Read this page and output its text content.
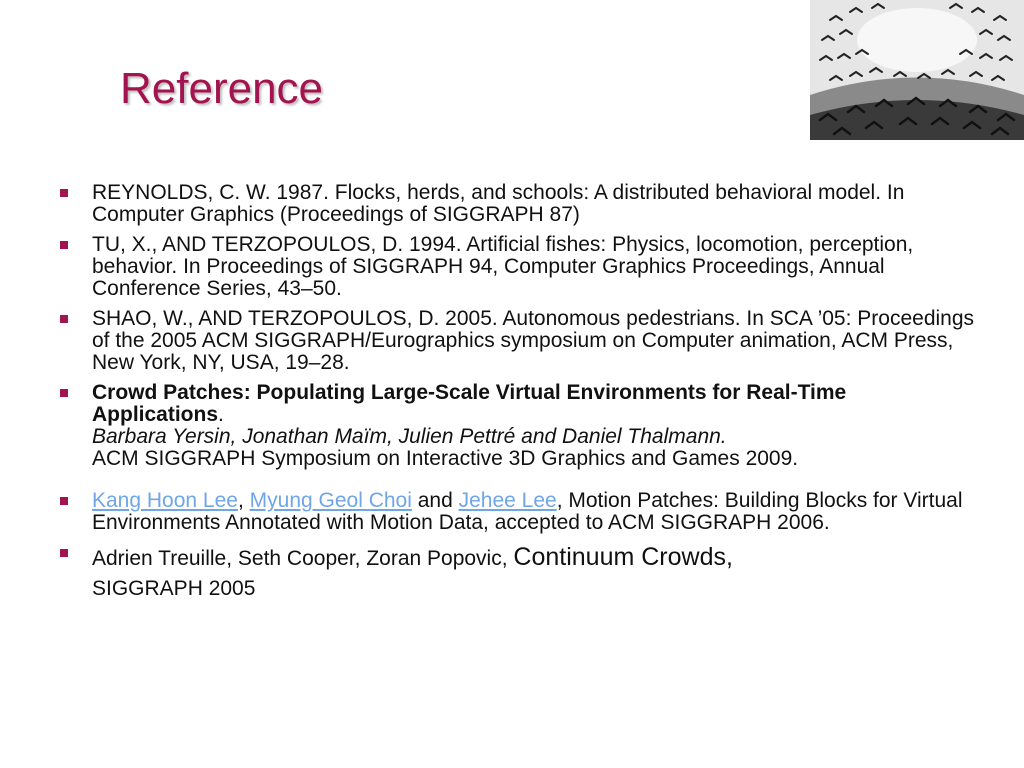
Reference
REYNOLDS, C. W. 1987. Flocks, herds, and schools: A distributed behavioral model. In Computer Graphics (Proceedings of SIGGRAPH 87)
TU, X., AND TERZOPOULOS, D. 1994. Artificial fishes: Physics, locomotion, perception, behavior. In Proceedings of SIGGRAPH 94, Computer Graphics Proceedings, Annual Conference Series, 43–50.
SHAO, W., AND TERZOPOULOS, D. 2005. Autonomous pedestrians. In SCA ’05: Proceedings of the 2005 ACM SIGGRAPH/Eurographics symposium on Computer animation, ACM Press, New York, NY, USA, 19–28.
Crowd Patches: Populating Large-Scale Virtual Environments for Real-Time Applications.
Barbara Yersin, Jonathan Maïm, Julien Pettré and Daniel Thalmann.
ACM SIGGRAPH Symposium on Interactive 3D Graphics and Games 2009.
Kang Hoon Lee, Myung Geol Choi and Jehee Lee, Motion Patches: Building Blocks for Virtual Environments Annotated with Motion Data, accepted to ACM SIGGRAPH 2006.
Adrien Treuille, Seth Cooper, Zoran Popovic, Continuum Crowds,
SIGGRAPH 2005
